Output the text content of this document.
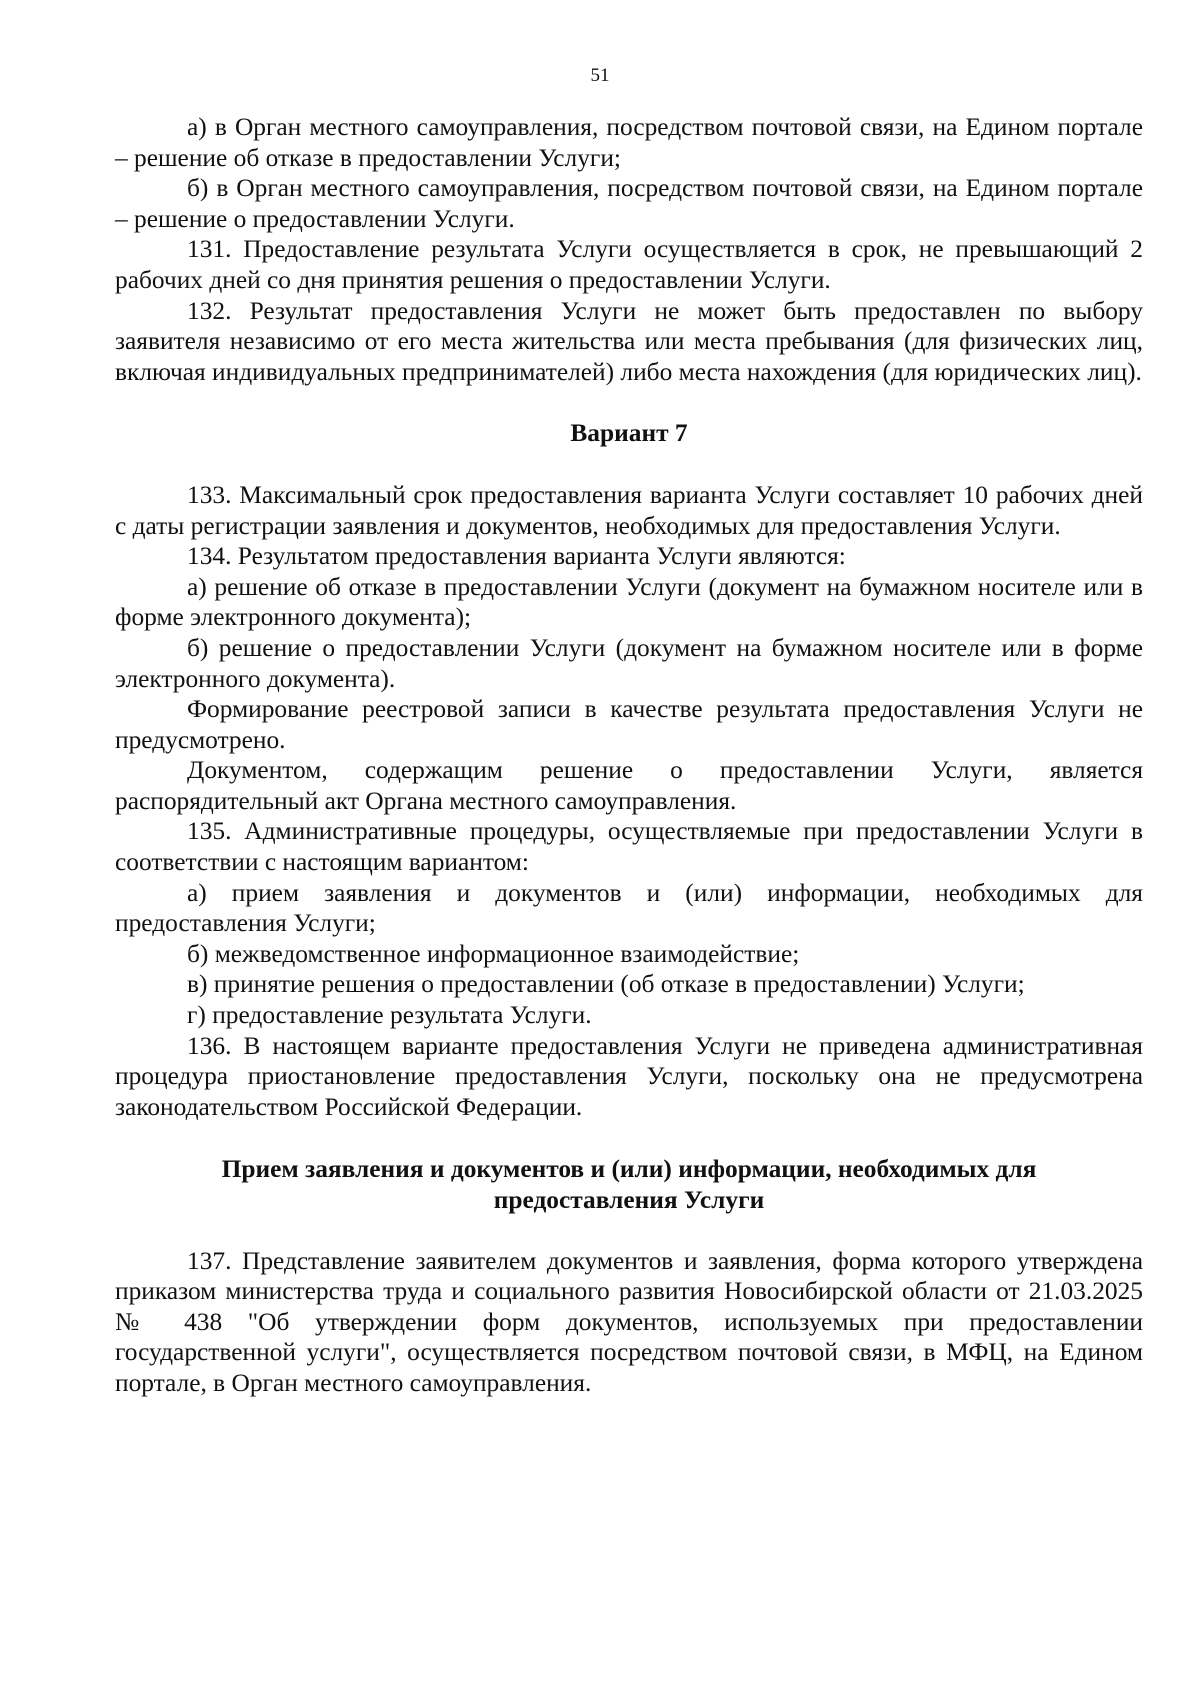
51

а) в Орган местного самоуправления, посредством почтовой связи, на Едином портале – решение об отказе в предоставлении Услуги;

б) в Орган местного самоуправления, посредством почтовой связи, на Едином портале – решение о предоставлении Услуги.

131. Предоставление результата Услуги осуществляется в срок, не превышающий 2 рабочих дней со дня принятия решения о предоставлении Услуги.

132. Результат предоставления Услуги не может быть предоставлен по выбору заявителя независимо от его места жительства или места пребывания (для физических лиц, включая индивидуальных предпринимателей) либо места нахождения (для юридических лиц).

Вариант 7

133. Максимальный срок предоставления варианта Услуги составляет 10 рабочих дней с даты регистрации заявления и документов, необходимых для предоставления Услуги.

134. Результатом предоставления варианта Услуги являются:

а) решение об отказе в предоставлении Услуги (документ на бумажном носителе или в форме электронного документа);

б) решение о предоставлении Услуги (документ на бумажном носителе или в форме электронного документа).

Формирование реестровой записи в качестве результата предоставления Услуги не предусмотрено.

Документом, содержащим решение о предоставлении Услуги, является распорядительный акт Органа местного самоуправления.

135. Административные процедуры, осуществляемые при предоставлении Услуги в соответствии с настоящим вариантом:

а) прием заявления и документов и (или) информации, необходимых для предоставления Услуги;

б) межведомственное информационное взаимодействие;

в) принятие решения о предоставлении (об отказе в предоставлении) Услуги;

г) предоставление результата Услуги.

136. В настоящем варианте предоставления Услуги не приведена административная процедура приостановление предоставления Услуги, поскольку она не предусмотрена законодательством Российской Федерации.

Прием заявления и документов и (или) информации, необходимых для предоставления Услуги

137. Представление заявителем документов и заявления, форма которого утверждена приказом министерства труда и социального развития Новосибирской области от 21.03.2025 № 438 "Об утверждении форм документов, используемых при предоставлении государственной услуги", осуществляется посредством почтовой связи, в МФЦ, на Едином портале, в Орган местного самоуправления.
